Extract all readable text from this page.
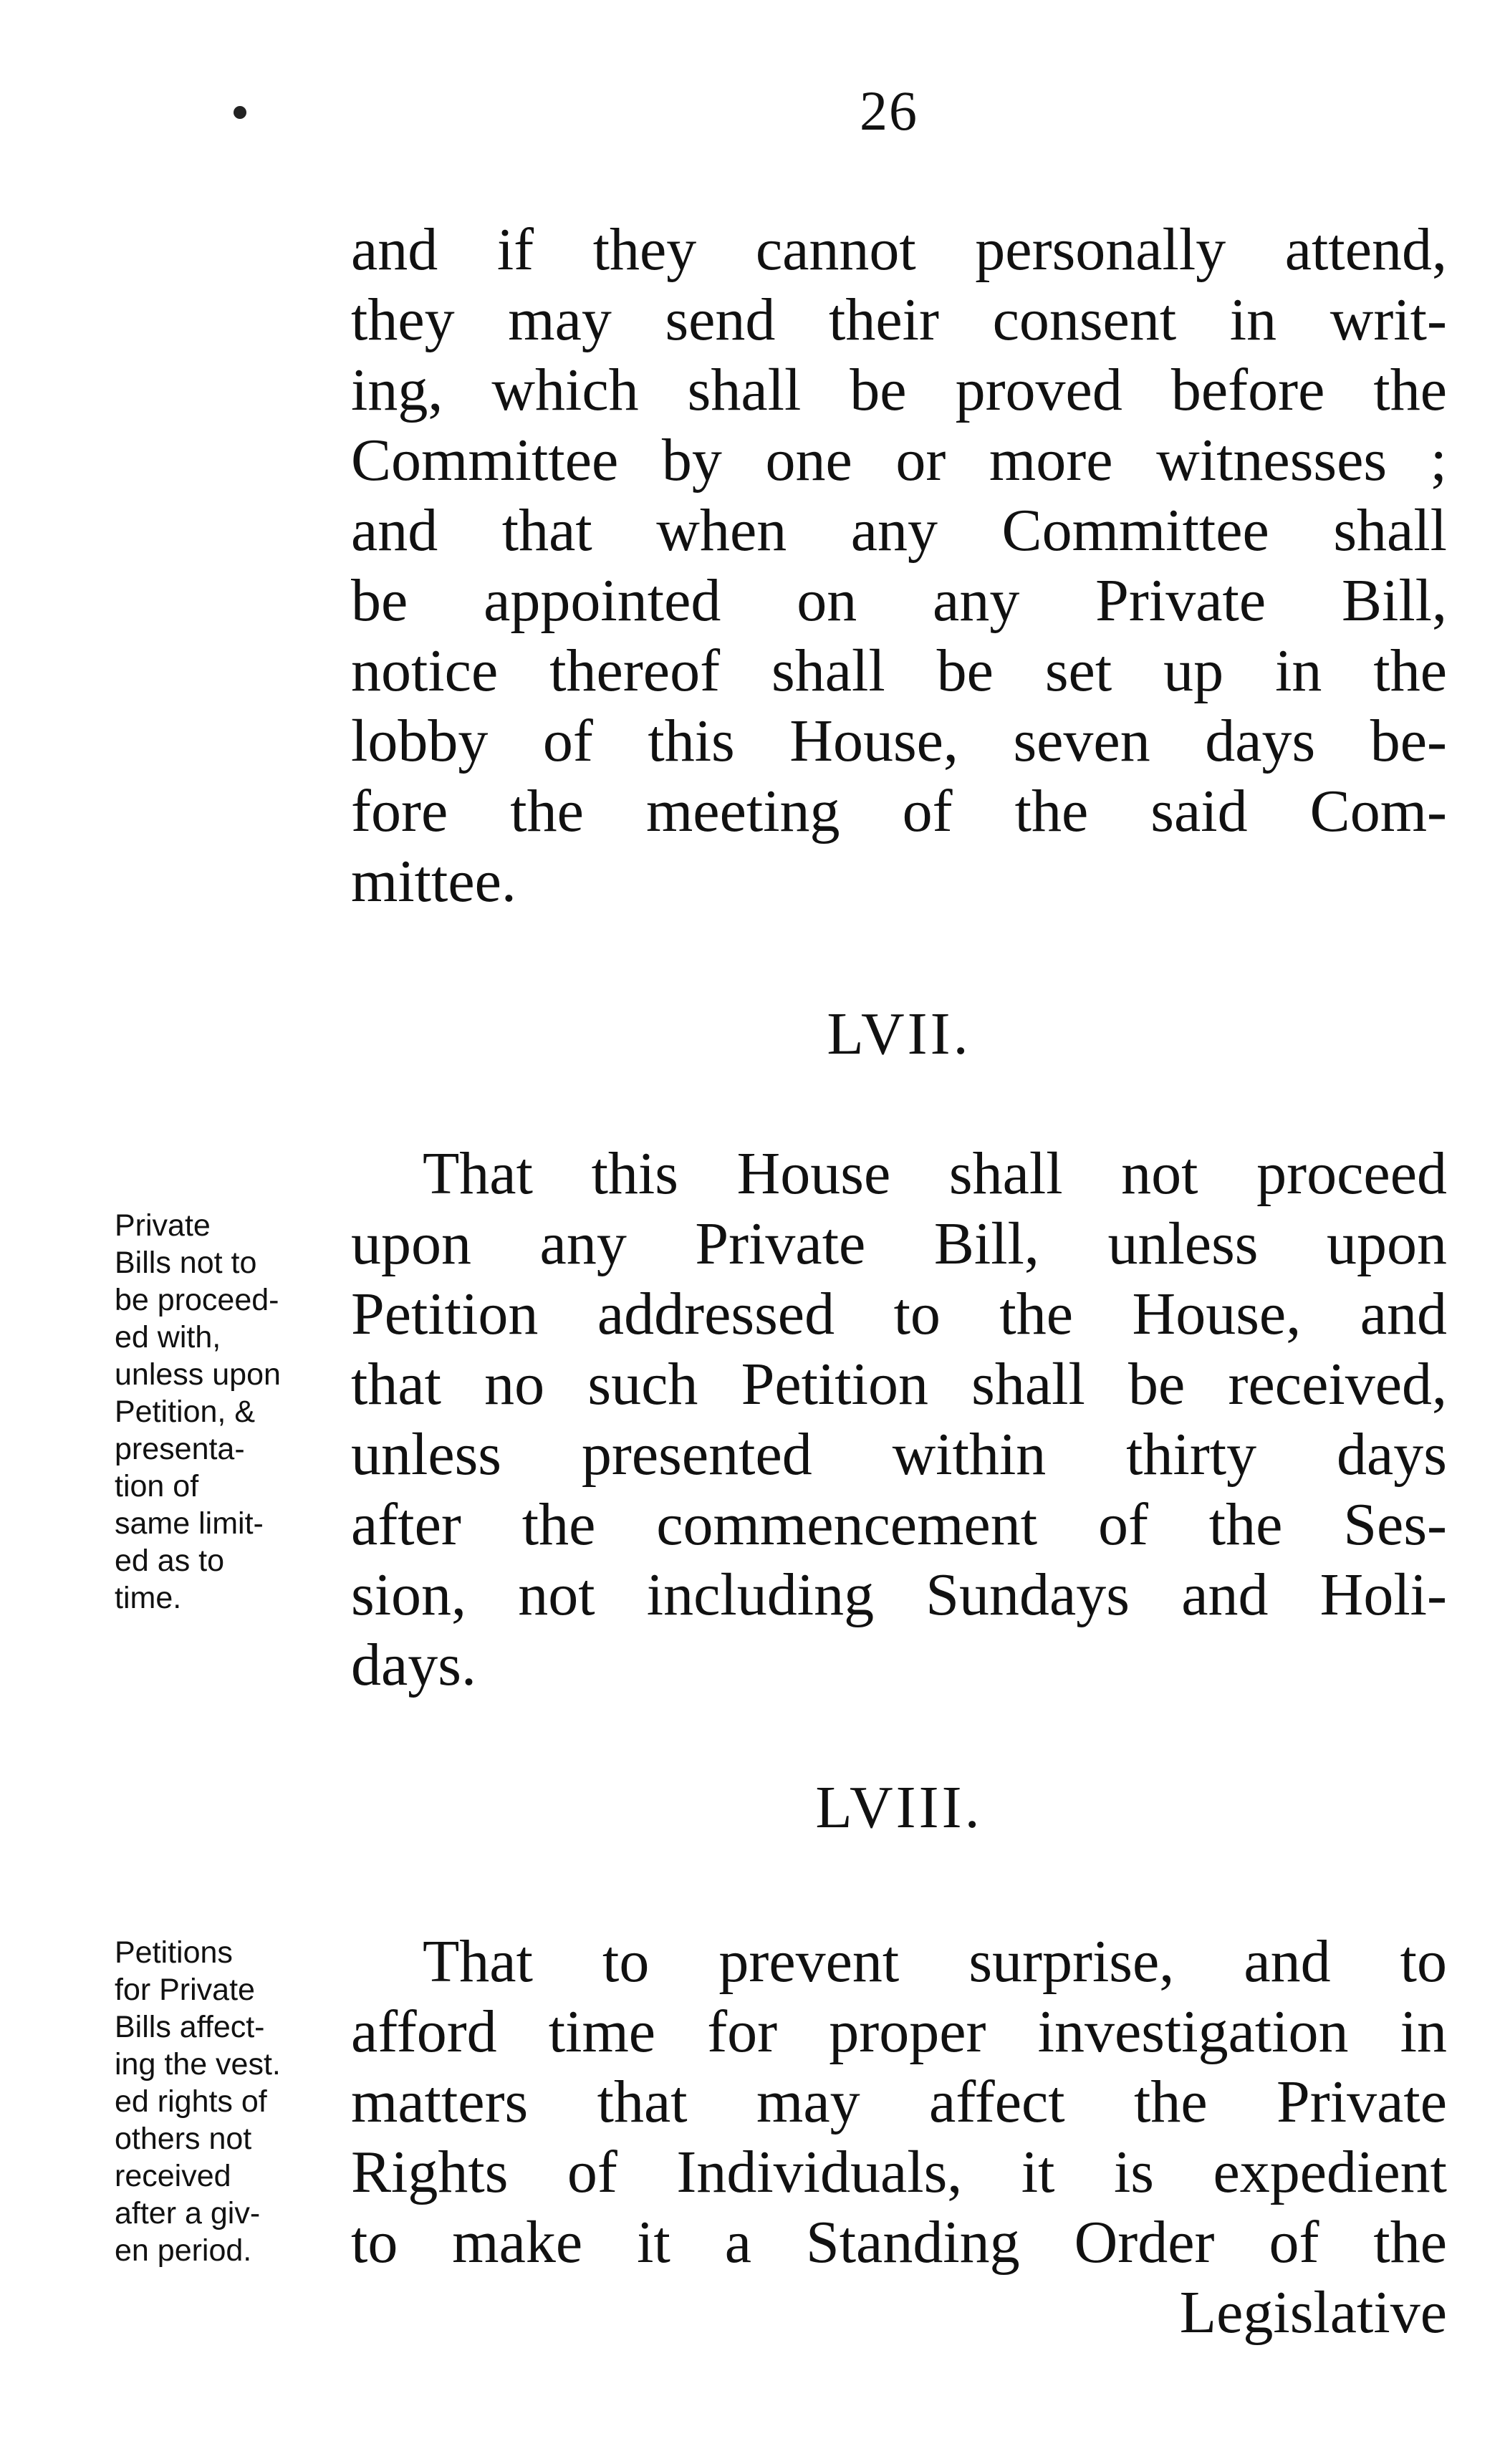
26
and if they cannot personally attend,
they may send their consent in writ-
ing, which shall be proved before the
Committee by one or more witnesses ;
and that when any Committee shall
be appointed on any Private Bill,
notice thereof shall be set up in the
lobby of this House, seven days be-
fore the meeting of the said Com-
mittee.
LVII.
Private
Bills not to
be proceed-
ed with,
unless upon
Petition, &
presenta-
tion of
same limit-
ed as to
time.
That this House shall not proceed
upon any Private Bill, unless upon
Petition addressed to the House, and
that no such Petition shall be received,
unless presented within thirty days
after the commencement of the Ses-
sion, not including Sundays and Holi-
days.
LVIII.
Petitions
for Private
Bills affect-
ing the vest.
ed rights of
others not
received
after a giv-
en period.
That to prevent surprise, and to
afford time for proper investigation in
matters that may affect the Private
Rights of Individuals, it is expedient
to make it a Standing Order of the
Legislative
